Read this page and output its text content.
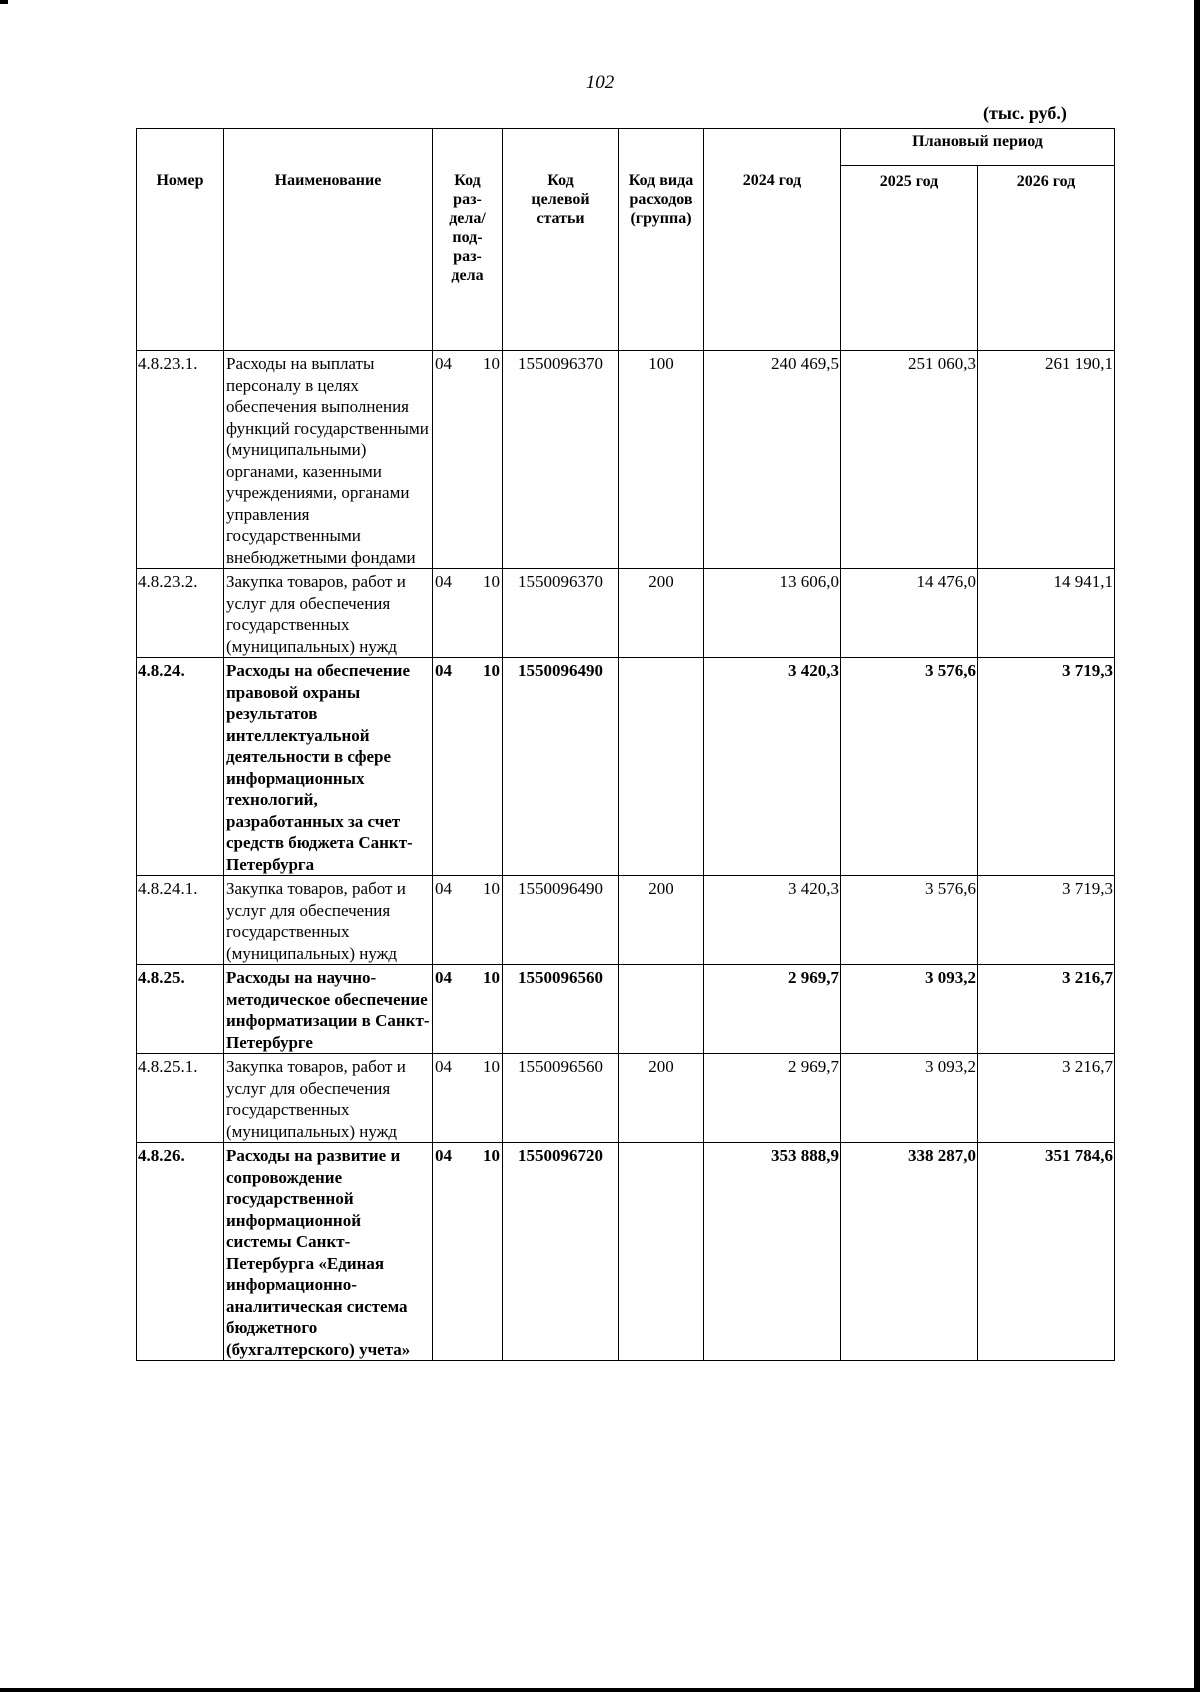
102
(тыс. руб.)
Номер	Наименование	Код раз-дела/ под-раз-дела	Код целевой статьи	Код вида расходов (группа)	2024 год	Плановый период	
						2025 год	2026 год
4.8.23.1.	Расходы на выплаты персоналу в целях обеспечения выполнения функций государственными (муниципальными) органами, казенными учреждениями, органами управления государственными внебюджетными фондами	04 10	1550096370	100	240 469,5	251 060,3	261 190,1
4.8.23.2.	Закупка товаров, работ и услуг для обеспечения государственных (муниципальных) нужд	04 10	1550096370	200	13 606,0	14 476,0	14 941,1
4.8.24.	Расходы на обеспечение правовой охраны результатов интеллектуальной деятельности в сфере информационных технологий, разработанных за счет средств бюджета Санкт-Петербурга	04 10	1550096490		3 420,3	3 576,6	3 719,3
4.8.24.1.	Закупка товаров, работ и услуг для обеспечения государственных (муниципальных) нужд	04 10	1550096490	200	3 420,3	3 576,6	3 719,3
4.8.25.	Расходы на научно-методическое обеспечение информатизации в Санкт-Петербурге	04 10	1550096560		2 969,7	3 093,2	3 216,7
4.8.25.1.	Закупка товаров, работ и услуг для обеспечения государственных (муниципальных) нужд	04 10	1550096560	200	2 969,7	3 093,2	3 216,7
4.8.26.	Расходы на развитие и сопровождение государственной информационной системы Санкт-Петербурга «Единая информационно-аналитическая система бюджетного (бухгалтерского) учета»	04 10	1550096720		353 888,9	338 287,0	351 784,6
